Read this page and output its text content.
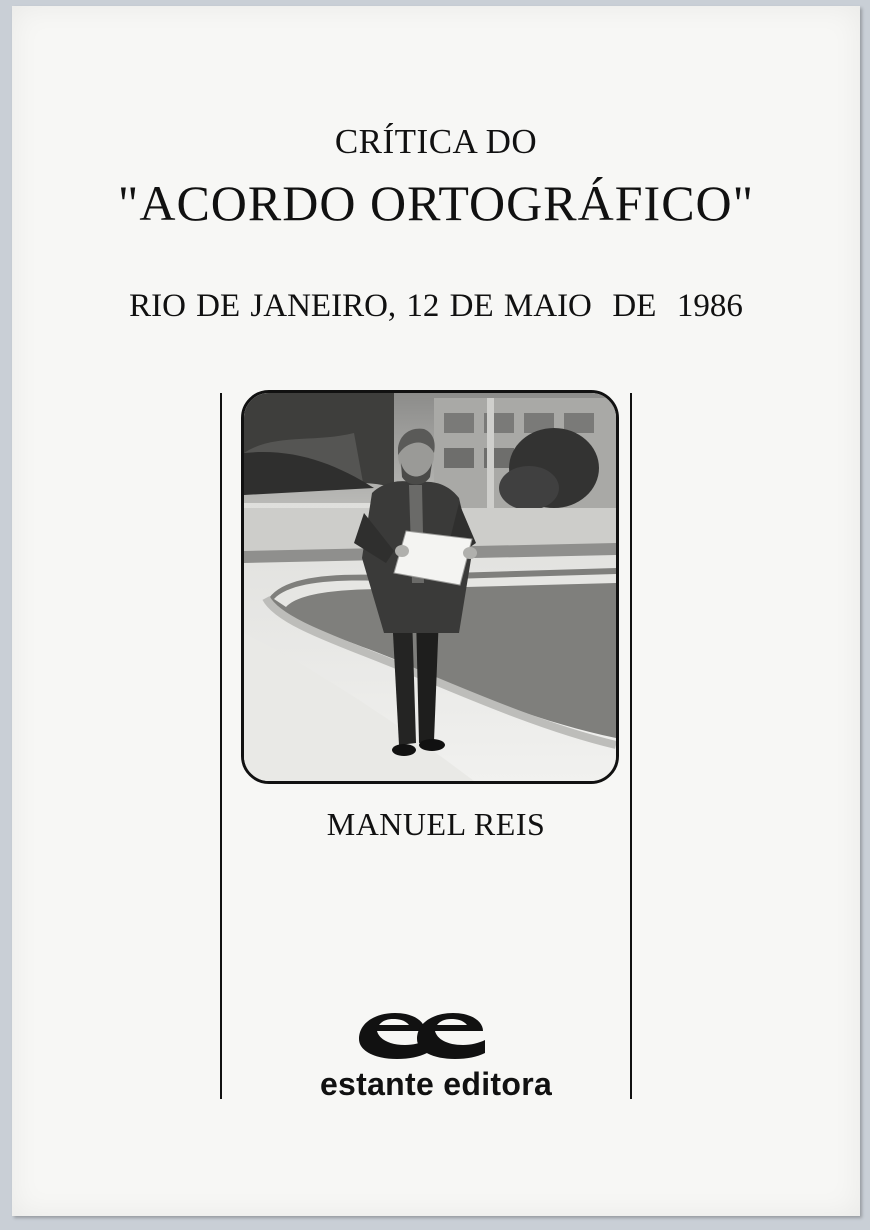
CRÍTICA DO
"ACORDO ORTOGRÁFICO"
RIO DE JANEIRO, 12 DE MAIO  DE  1986
MANUEL REIS
estante editora
